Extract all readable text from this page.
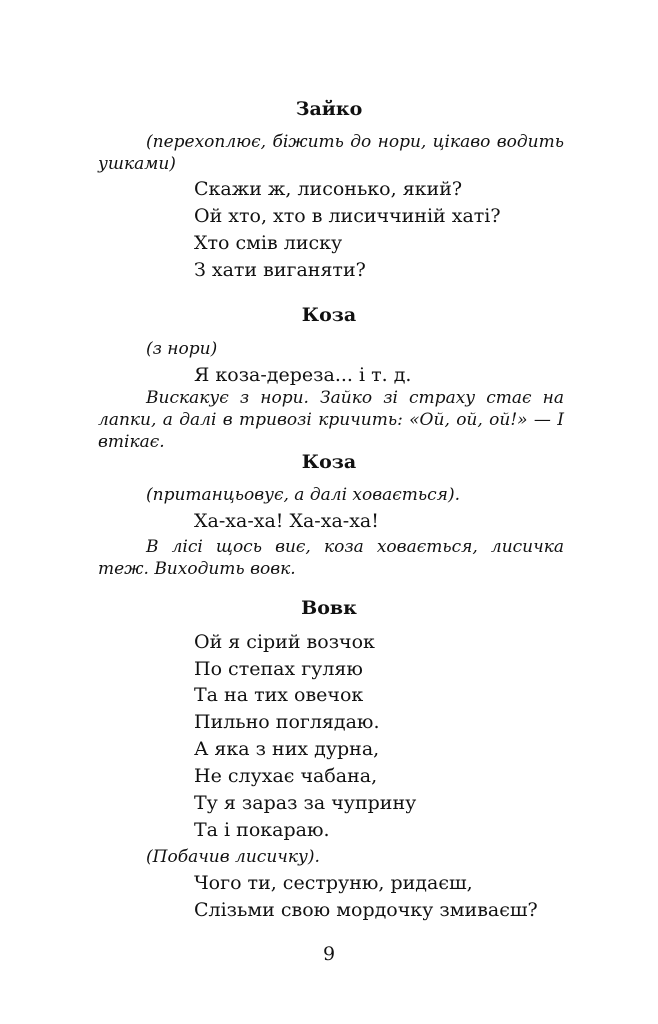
Зайко
(перехоплює, біжить до нори, цікаво водить ушками)
Скажи ж, лисонько, який?
Ой хто, хто в лисиччиній хаті?
Хто смів лиску
З хати виганяти?
Коза
(з нори)
Я коза-дереза... і т. д.
Вискакує з нори. Зайко зі страху стає на лапки, а далі в тривозі кричить: «Ой, ой, ой!» — І втікає.
Коза
(пританцьовує, а далі ховається).
Ха-ха-ха! Ха-ха-ха!
В лісі щось виє, коза ховається, лисичка теж. Виходить вовк.
Вовк
Ой я сірий возчок
По степах гуляю
Та на тих овечок
Пильно поглядаю.
А яка з них дурна,
Не слухає чабана,
Ту я зараз за чуприну
Та і покараю.
(Побачив лисичку).
Чого ти, сеструню, ридаєш,
Слізьми свою мордочку змиваєш?
9
